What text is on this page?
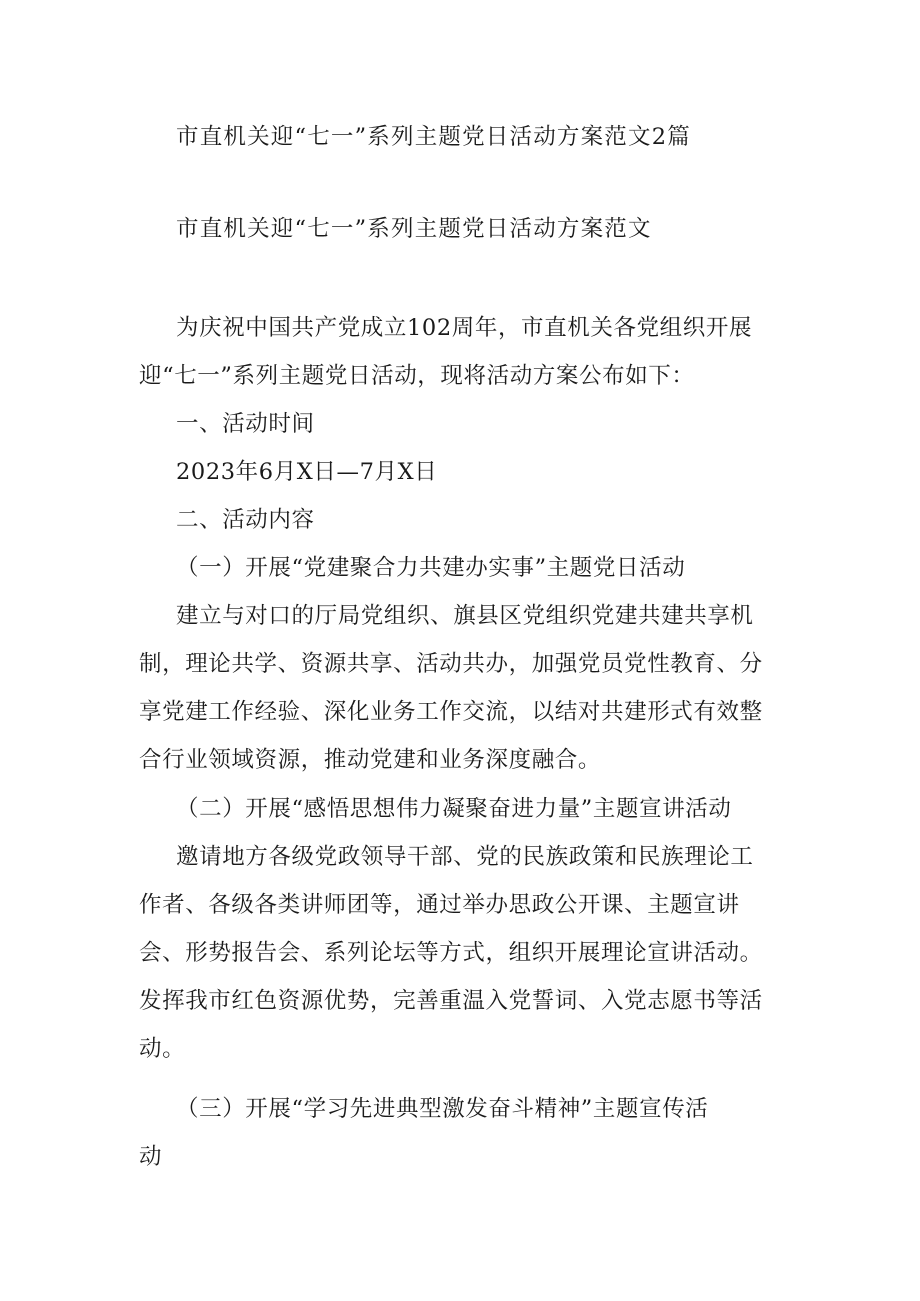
市直机关迎“七一”系列主题党日活动方案范文2篇
市直机关迎“七一”系列主题党日活动方案范文
为庆祝中国共产党成立102周年，市直机关各党组织开展
迎“七一”系列主题党日活动，现将活动方案公布如下：
一、活动时间
2023年6月X日—7月X日
二、活动内容
（一）开展“党建聚合力共建办实事”主题党日活动
建立与对口的厅局党组织、旗县区党组织党建共建共享机
制，理论共学、资源共享、活动共办，加强党员党性教育、分
享党建工作经验、深化业务工作交流，以结对共建形式有效整
合行业领域资源，推动党建和业务深度融合。
（二）开展“感悟思想伟力凝聚奋进力量”主题宣讲活动
邀请地方各级党政领导干部、党的民族政策和民族理论工
作者、各级各类讲师团等，通过举办思政公开课、主题宣讲
会、形势报告会、系列论坛等方式，组织开展理论宣讲活动。
发挥我市红色资源优势，完善重温入党誓词、入党志愿书等活
动。
（三）开展“学习先进典型激发奋斗精神”主题宣传活
动
